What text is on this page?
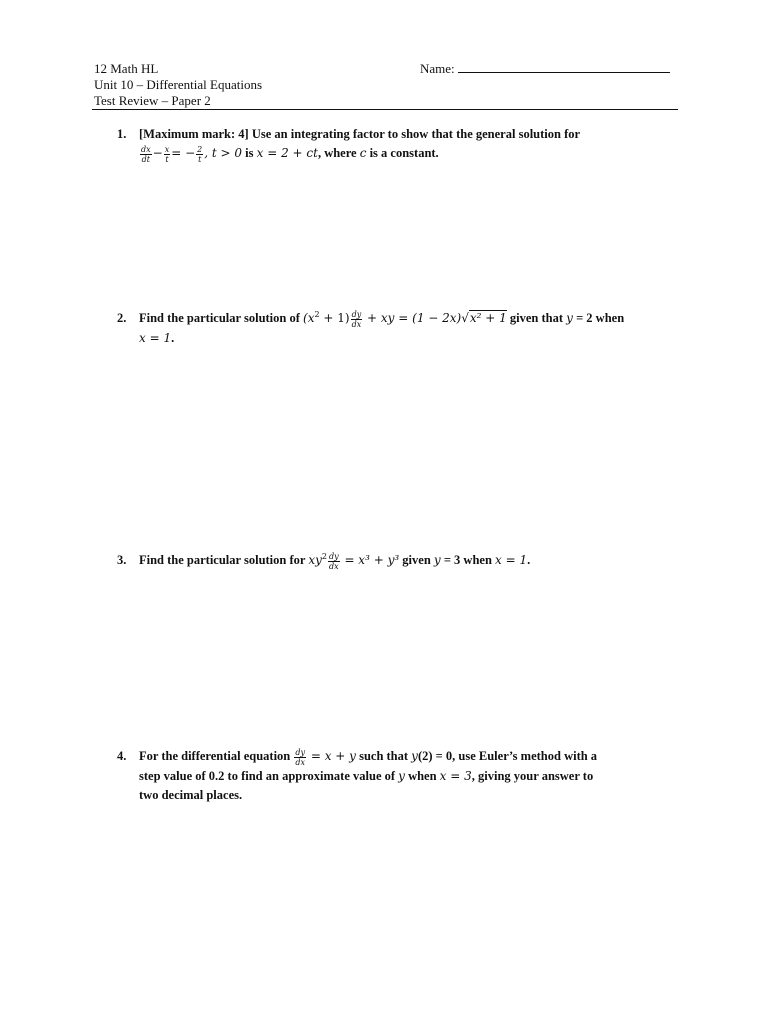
12 Math HL
Unit 10 – Differential Equations
Test Review – Paper 2
Name:
1.	[Maximum mark: 4] Use an integrating factor to show that the general solution for

$\frac{dx}{dt} - \frac{x}{t}$ = − $\frac{2}{t}$ , t > 0 is x = 2 + ct, where c is a constant.
2.	Find the particular solution of $(x^2 + 1) \frac{dy}{dx}$ + xy = (1 − 2x)√x² + 1 given that y = 2 when
x = 1.
3.	Find the particular solution for $xy^2 \frac{dy}{dx} = x^3 + y^3$ given y = 3 when x = 1.
4.	For the differential equation $\frac{dy}{dx} = x + y$ such that y(2) = 0, use Euler’s method with a
step value of 0.2 to find an approximate value of y when x = 3, giving your answer to
two decimal places.
